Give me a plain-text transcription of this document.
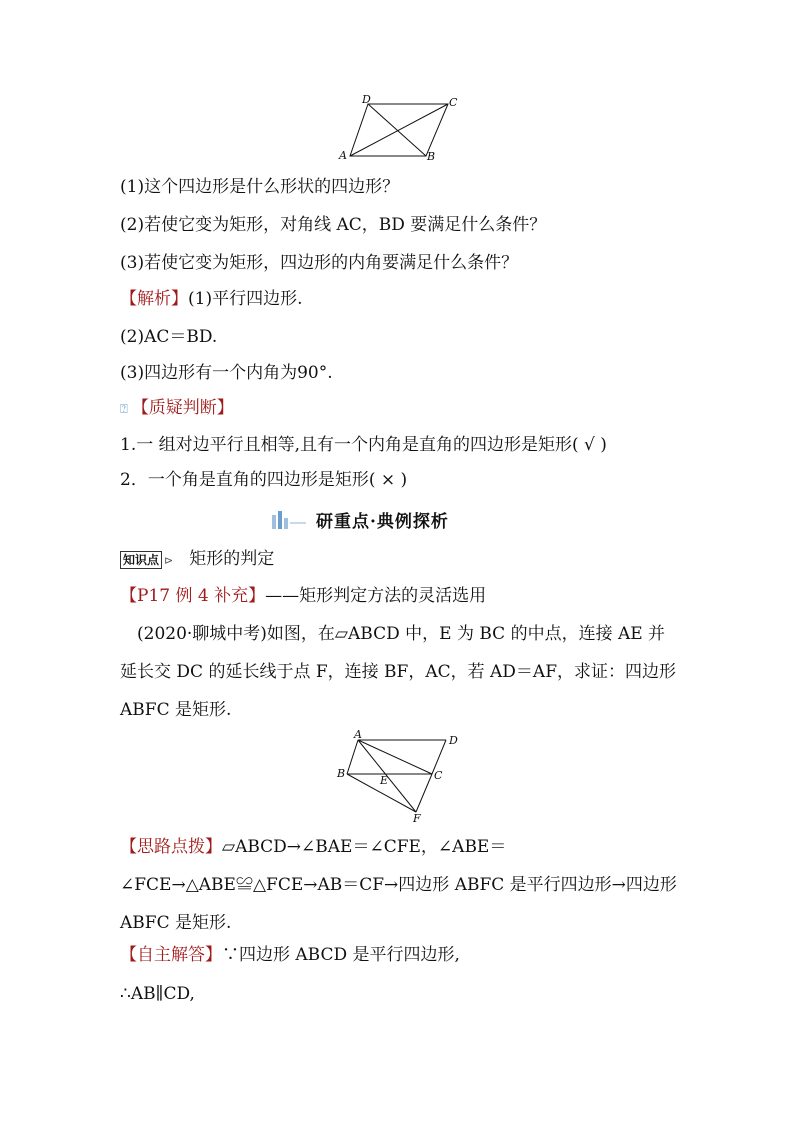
D	C
A	B
(1)这个四边形是什么形状的四边形？
(2)若使它变为矩形，对角线 AC，BD 要满足什么条件？
(3)若使它变为矩形，四边形的内角要满足什么条件？
【解析】(1)平行四边形.
(2)AC＝BD.
(3)四边形有一个内角为90°.
⍰ 【质疑判断】
1.一 组对边平行且相等,且有一个内角是直角的四边形是矩形( √ )
2．一个角是直角的四边形是矩形( × )
研重点·典例探析
知识点 ⊳ 矩形的判定
【P17 例 4 补充】——矩形判定方法的灵活选用
(2020·聊城中考)如图，在▱ABCD 中，E 为 BC 的中点，连接 AE 并延长交 DC 的延长线于点 F，连接 BF，AC，若 AD＝AF，求证：四边形 ABFC 是矩形.
A	D
B	C
E
F
【思路点拨】▱ABCD→∠BAE＝∠CFE，∠ABE＝∠FCE→△ABE≌△FCE→AB＝CF→四边形 ABFC 是平行四边形→四边形 ABFC 是矩形.
【自主解答】∵四边形 ABCD 是平行四边形,
∴AB∥CD,
